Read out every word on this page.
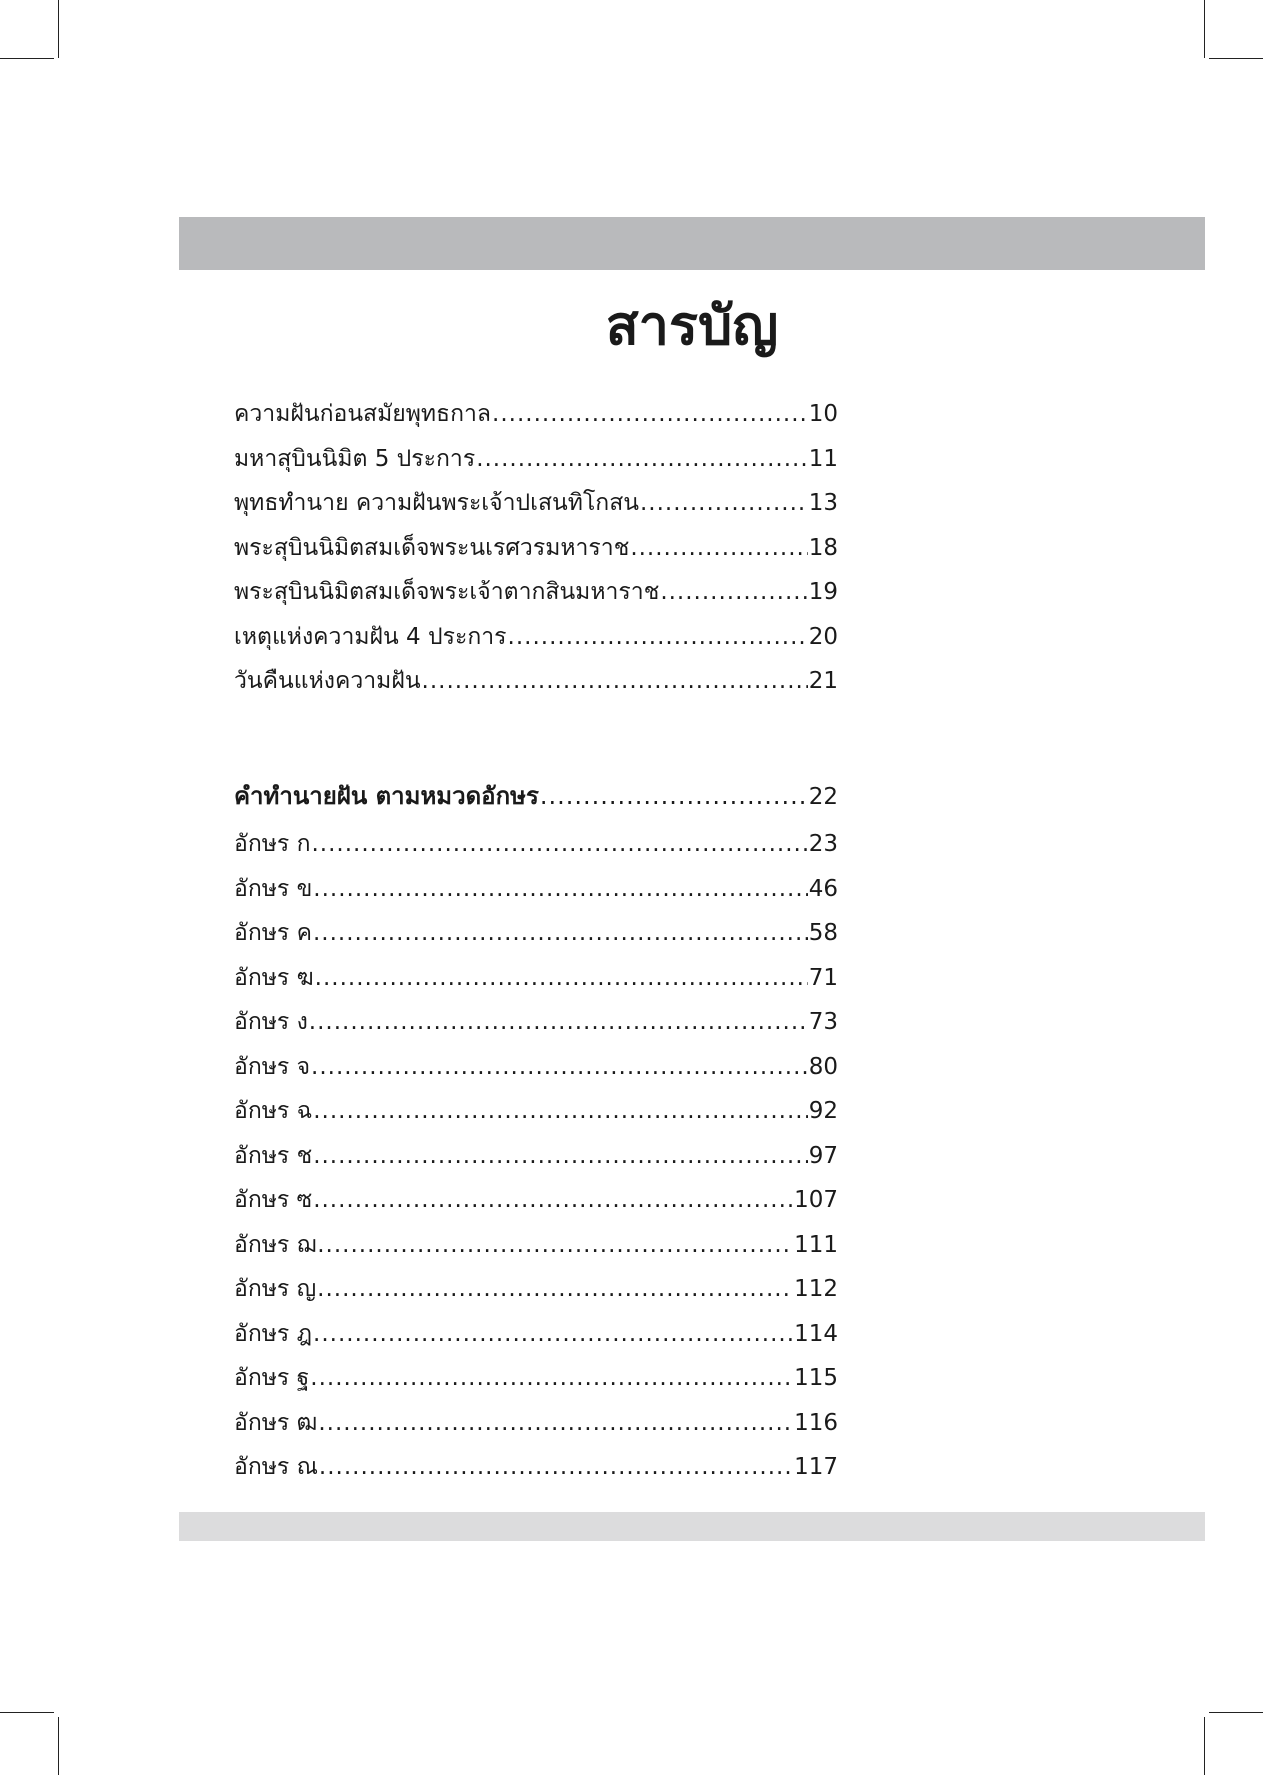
สารบัญ
ความฝันก่อนสมัยพุทธกาล .....	10
มหาสุบินนิมิต 5 ประการ .....	11
พุทธทำนาย ความฝันพระเจ้าปเสนทิโกสน .....	13
พระสุบินนิมิตสมเด็จพระนเรศวรมหาราช .....	18
พระสุบินนิมิตสมเด็จพระเจ้าตากสินมหาราช .....	19
เหตุแห่งความฝัน 4 ประการ .....	20
วันคืนแห่งความฝัน .....	21
คำทำนายฝัน ตามหมวดอักษร .....	22
อักษร ก .....	23
อักษร ข .....	46
อักษร ค .....	58
อักษร ฆ .....	71
อักษร ง .....	73
อักษร จ .....	80
อักษร ฉ .....	92
อักษร ช .....	97
อักษร ซ .....	107
อักษร ฌ .....	111
อักษร ญ .....	112
อักษร ฎ .....	114
อักษร ฐ .....	115
อักษร ฒ .....	116
อักษร ณ .....	117
